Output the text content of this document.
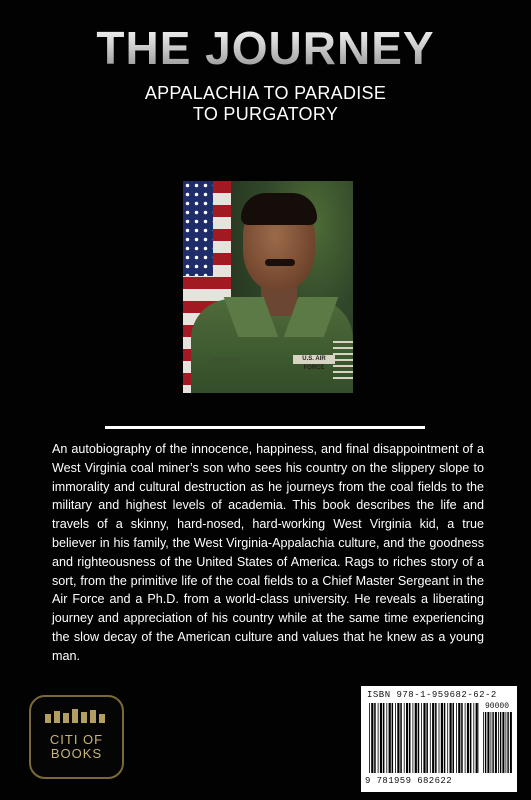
THE JOURNEY
APPALACHIA TO PARADISE
TO PURGATORY
U.S. AIR FORCE

An autobiography of the innocence, happiness, and final disappointment of a West Virginia coal miner’s son who sees his country on the slippery slope to immorality and cultural destruction as he journeys from the coal fields to the military and highest levels of academia. This book describes the life and travels of a skinny, hard-nosed, hard-working West Virginia kid, a true believer in his family, the West Virginia-Appalachia culture, and the goodness and righteousness of the United States of America. Rags to riches story of a sort, from the primitive life of the coal fields to a Chief Master Sergeant in the Air Force and a Ph.D. from a world-class university. He reveals a liberating journey and appreciation of his country while at the same time experiencing the slow decay of the American culture and values that he knew as a young man.

CITI OF
BOOKS
ISBN 978-1-959682-62-2
90000
9 781959 682622
